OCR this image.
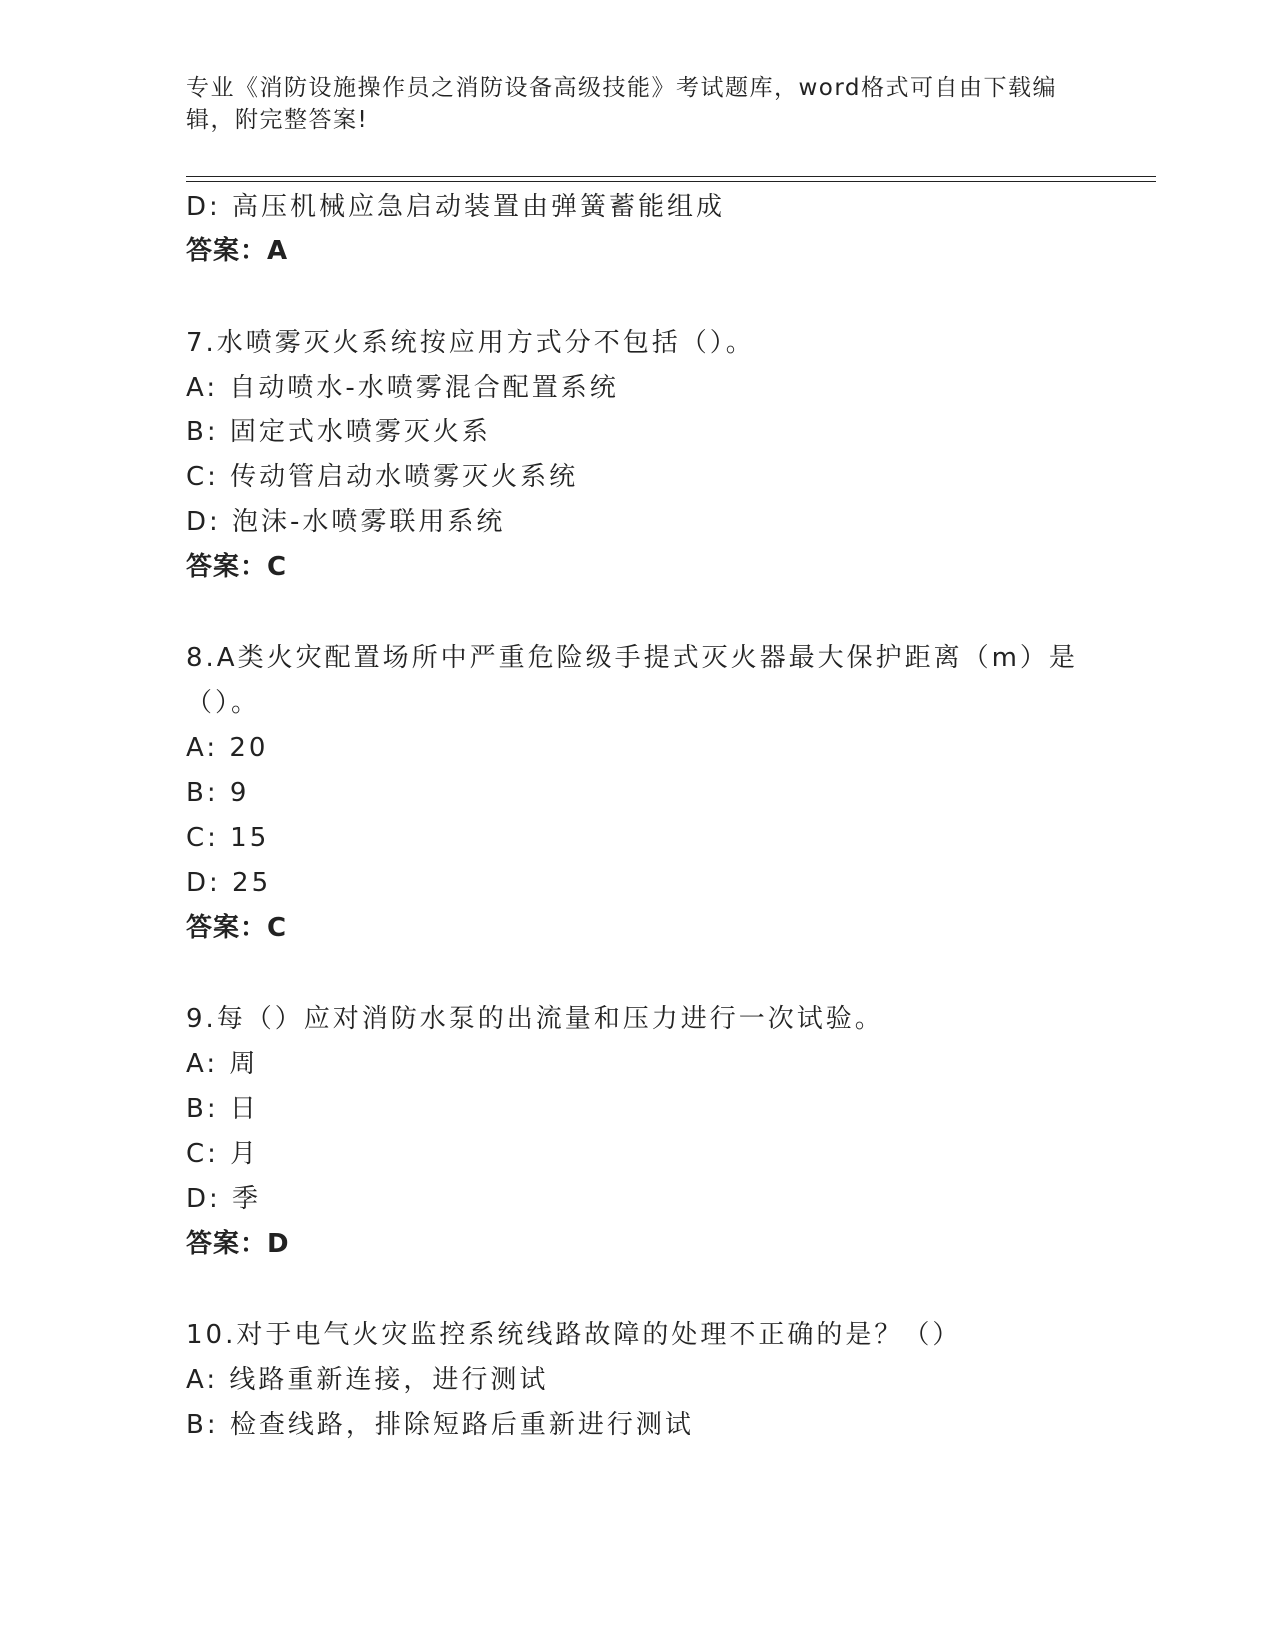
专业《消防设施操作员之消防设备高级技能》考试题库，word格式可自由下载编
辑，附完整答案!
D: 高压机械应急启动装置由弹簧蓄能组成
答案：A
7.水喷雾灭火系统按应用方式分不包括（）。
A: 自动喷水-水喷雾混合配置系统
B: 固定式水喷雾灭火系
C: 传动管启动水喷雾灭火系统
D: 泡沫-水喷雾联用系统
答案：C
8.A类火灾配置场所中严重危险级手提式灭火器最大保护距离（m）是
（）。
A: 20
B: 9
C: 15
D: 25
答案：C
9.每（）应对消防水泵的出流量和压力进行一次试验。
A: 周
B: 日
C: 月
D: 季
答案：D
10.对于电气火灾监控系统线路故障的处理不正确的是？（）
A: 线路重新连接，进行测试
B: 检查线路，排除短路后重新进行测试
